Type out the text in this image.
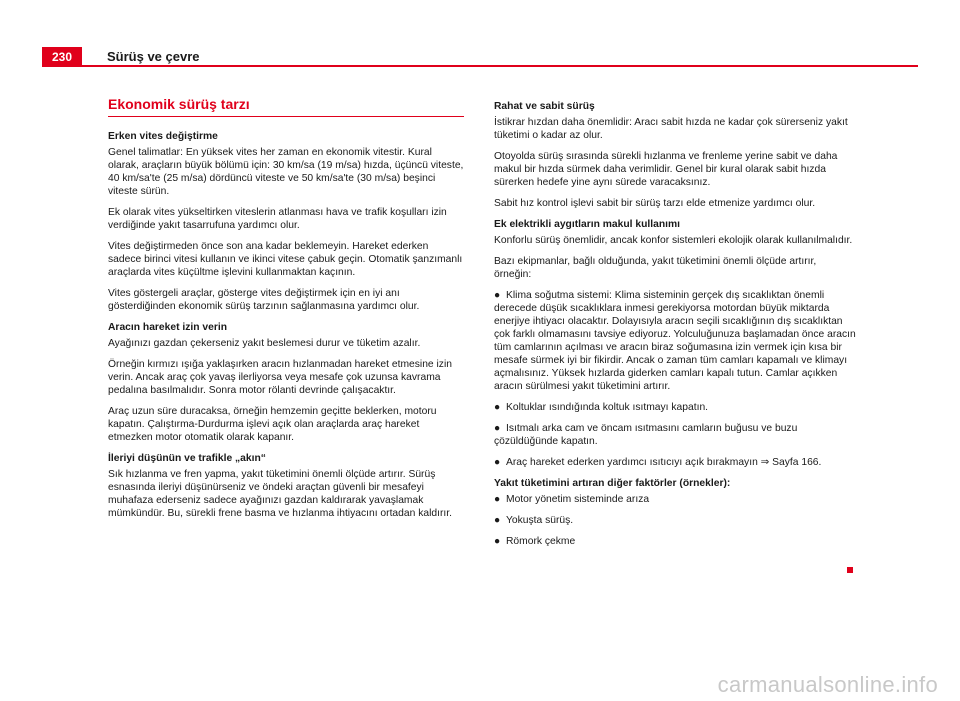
230	Sürüş ve çevre
Ekonomik sürüş tarzı
Erken vites değiştirme

Genel talimatlar: En yüksek vites her zaman en ekonomik vitestir. Kural olarak, araçların büyük bölümü için: 30 km/sa (19 m/sa) hızda, üçüncü viteste, 40 km/sa'te (25 m/sa) dördüncü viteste ve 50 km/sa'te (30 m/sa) beşinci viteste sürün.

Ek olarak vites yükseltirken viteslerin atlanması hava ve trafik koşulları izin verdiğinde yakıt tasarrufuna yardımcı olur.

Vites değiştirmeden önce son ana kadar beklemeyin. Hareket ederken sadece birinci vitesi kullanın ve ikinci vitese çabuk geçin. Otomatik şanzımanlı araçlarda vites küçültme işlevini kullanmaktan kaçının.

Vites göstergeli araçlar, gösterge vites değiştirmek için en iyi anı gösterdiğinden ekonomik sürüş tarzının sağlanmasına yardımcı olur.

Aracın hareket izin verin

Ayağınızı gazdan çekerseniz yakıt beslemesi durur ve tüketim azalır.

Örneğin kırmızı ışığa yaklaşırken aracın hızlanmadan hareket etmesine izin verin. Ancak araç çok yavaş ilerliyorsa veya mesafe çok uzunsa kavrama pedalına basılmalıdır. Sonra motor rölanti devrinde çalışacaktır.

Araç uzun süre duracaksa, örneğin hemzemin geçitte beklerken, motoru kapatın. Çalıştırma-Durdurma işlevi açık olan araçlarda araç hareket etmezken motor otomatik olarak kapanır.

İleriyi düşünün ve trafikle „akın“

Sık hızlanma ve fren yapma, yakıt tüketimini önemli ölçüde artırır. Sürüş esnasında ileriyi düşünürseniz ve öndeki araçtan güvenli bir mesafeyi muhafaza ederseniz sadece ayağınızı gazdan kaldırarak yavaşlamak mümkündür. Bu, sürekli frene basma ve hızlanma ihtiyacını ortadan kaldırır.

Rahat ve sabit sürüş

İstikrar hızdan daha önemlidir: Aracı sabit hızda ne kadar çok sürerseniz yakıt tüketimi o kadar az olur.

Otoyolda sürüş sırasında sürekli hızlanma ve frenleme yerine sabit ve daha makul bir hızda sürmek daha verimlidir. Genel bir kural olarak sabit hızda sürerken hedefe yine aynı sürede varacaksınız.

Sabit hız kontrol işlevi sabit bir sürüş tarzı elde etmenize yardımcı olur.

Ek elektrikli aygıtların makul kullanımı

Konforlu sürüş önemlidir, ancak konfor sistemleri ekolojik olarak kullanılmalıdır.

Bazı ekipmanlar, bağlı olduğunda, yakıt tüketimini önemli ölçüde artırır, örneğin:

● Klima soğutma sistemi: Klima sisteminin gerçek dış sıcaklıktan önemli derecede düşük sıcaklıklara inmesi gerekiyorsa motordan büyük miktarda enerjiye ihtiyacı olacaktır. Dolayısıyla aracın seçili sıcaklığının dış sıcaklıktan çok farklı olmamasını tavsiye ediyoruz. Yolculuğunuza başlamadan önce aracın tüm camlarının açılması ve aracın biraz soğumasına izin vermek için kısa bir mesafe sürmek iyi bir fikirdir. Ancak o zaman tüm camları kapamalı ve klimayı açmalısınız. Yüksek hızlarda giderken camları kapalı tutun. Camlar açıkken aracın sürülmesi yakıt tüketimini artırır.

● Koltuklar ısındığında koltuk ısıtmayı kapatın.

● Isıtmalı arka cam ve öncam ısıtmasını camların buğusu ve buzu çözüldüğünde kapatın.

● Araç hareket ederken yardımcı ısıtıcıyı açık bırakmayın ⇒ Sayfa 166.

Yakıt tüketimini artıran diğer faktörler (örnekler):

● Motor yönetim sisteminde arıza

● Yokuşta sürüş.

● Römork çekme

carmanualsonline.info
